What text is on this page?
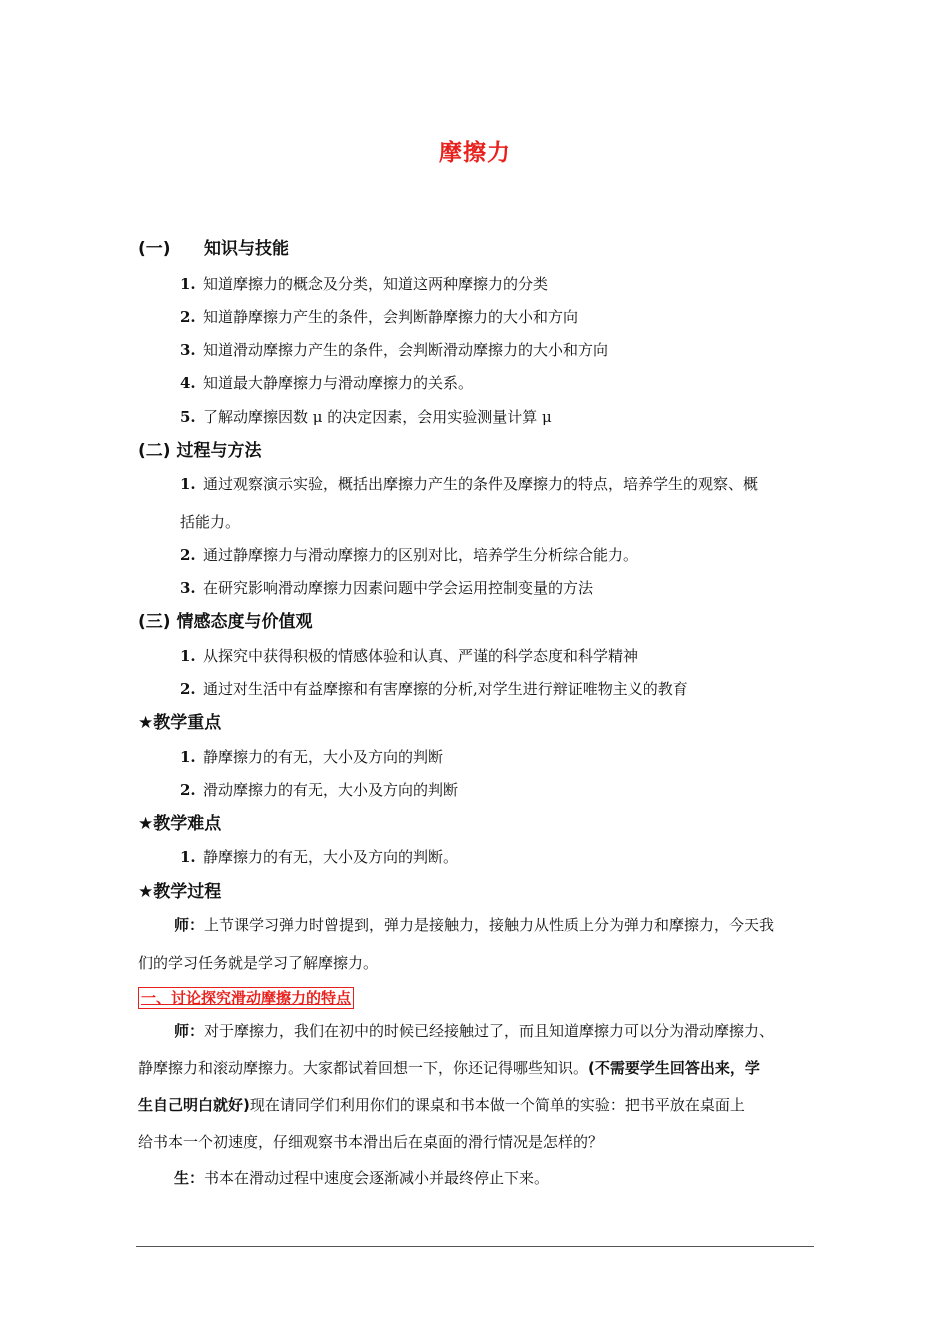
摩擦力
(一) 知识与技能
1. 知道摩擦力的概念及分类，知道这两种摩擦力的分类
2. 知道静摩擦力产生的条件，会判断静摩擦力的大小和方向
3. 知道滑动摩擦力产生的条件，会判断滑动摩擦力的大小和方向
4. 知道最大静摩擦力与滑动摩擦力的关系。
5. 了解动摩擦因数 μ 的决定因素，会用实验测量计算 μ
(二) 过程与方法
1. 通过观察演示实验，概括出摩擦力产生的条件及摩擦力的特点，培养学生的观察、概
括能力。
2. 通过静摩擦力与滑动摩擦力的区别对比，培养学生分析综合能力。
3. 在研究影响滑动摩擦力因素问题中学会运用控制变量的方法
(三) 情感态度与价值观
1. 从探究中获得积极的情感体验和认真、严谨的科学态度和科学精神
2. 通过对生活中有益摩擦和有害摩擦的分析,对学生进行辩证唯物主义的教育
★教学重点
1. 静摩擦力的有无，大小及方向的判断
2. 滑动摩擦力的有无，大小及方向的判断
★教学难点
1. 静摩擦力的有无，大小及方向的判断。
★教学过程
师：上节课学习弹力时曾提到，弹力是接触力，接触力从性质上分为弹力和摩擦力，今天我
们的学习任务就是学习了解摩擦力。
一、讨论探究滑动摩擦力的特点
师：对于摩擦力，我们在初中的时候已经接触过了，而且知道摩擦力可以分为滑动摩擦力、
静摩擦力和滚动摩擦力。大家都试着回想一下，你还记得哪些知识。(不需要学生回答出来，学
生自己明白就好)现在请同学们利用你们的课桌和书本做一个简单的实验：把书平放在桌面上
给书本一个初速度，仔细观察书本滑出后在桌面的滑行情况是怎样的？
生：书本在滑动过程中速度会逐渐减小并最终停止下来。
